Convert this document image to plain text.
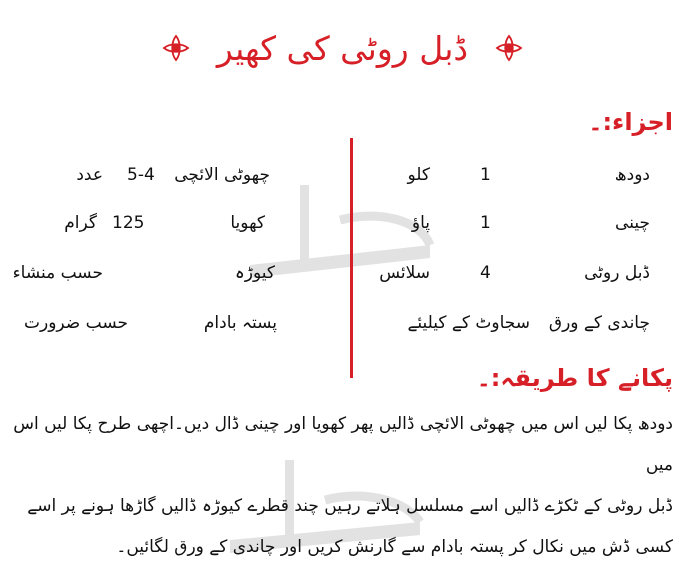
ڈبل روٹی کی کھیر
اجزاء:۔
دودھ
1
کلو
چینی
1
پاؤ
ڈبل روٹی
4
سلائس
چاندی کے ورق
سجاوٹ کے کیلیئے
چھوٹی الائچی
5-4
عدد
کھویا
125
گرام
کیوڑہ
حسب منشاء
پستہ بادام
حسب ضرورت
پکانے کا طریقہ:۔
دودھ پکا لیں اس میں چھوٹی الائچی ڈالیں پھر کھویا اور چینی ڈال دیں۔اچھی طرح پکا لیں اس میں
ڈبل روٹی کے ٹکڑے ڈالیں اسے مسلسل ہلاتے رہیں چند قطرے کیوڑہ ڈالیں گاڑھا ہونے پر اسے
کسی ڈش میں نکال کر پستہ بادام سے گارنش کریں اور چاندی کے ورق لگائیں۔
